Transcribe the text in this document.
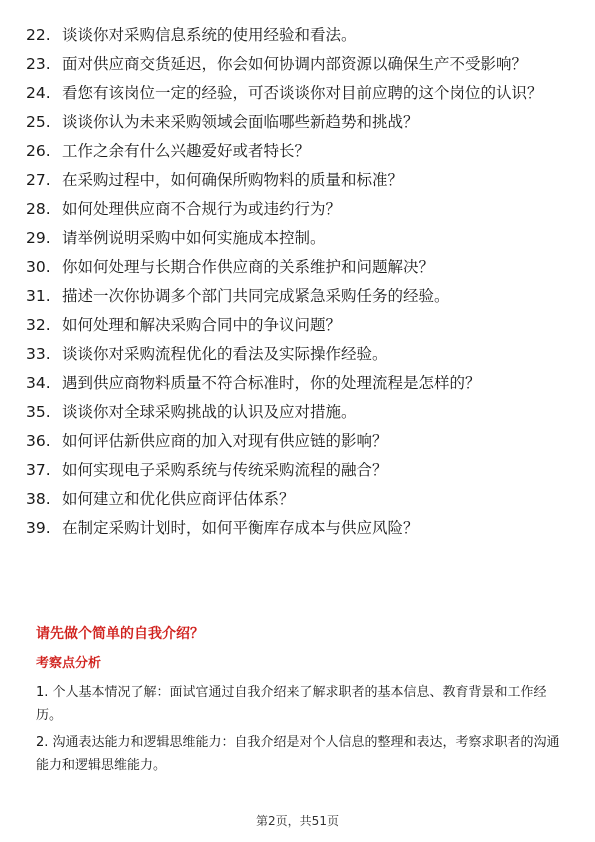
22. 谈谈你对采购信息系统的使用经验和看法。
23. 面对供应商交货延迟，你会如何协调内部资源以确保生产不受影响？
24. 看您有该岗位一定的经验，可否谈谈你对目前应聘的这个岗位的认识？
25. 谈谈你认为未来采购领域会面临哪些新趋势和挑战？
26. 工作之余有什么兴趣爱好或者特长？
27. 在采购过程中，如何确保所购物料的质量和标准？
28. 如何处理供应商不合规行为或违约行为？
29. 请举例说明采购中如何实施成本控制。
30. 你如何处理与长期合作供应商的关系维护和问题解决？
31. 描述一次你协调多个部门共同完成紧急采购任务的经验。
32. 如何处理和解决采购合同中的争议问题？
33. 谈谈你对采购流程优化的看法及实际操作经验。
34. 遇到供应商物料质量不符合标准时，你的处理流程是怎样的？
35. 谈谈你对全球采购挑战的认识及应对措施。
36. 如何评估新供应商的加入对现有供应链的影响？
37. 如何实现电子采购系统与传统采购流程的融合？
38. 如何建立和优化供应商评估体系？
39. 在制定采购计划时，如何平衡库存成本与供应风险？
请先做个简单的自我介绍？
考察点分析

1. 个人基本情况了解：面试官通过自我介绍来了解求职者的基本信息、教育背景和工作经历。

2. 沟通表达能力和逻辑思维能力：自我介绍是对个人信息的整理和表达，考察求职者的沟通能力和逻辑思维能力。

第2页，共51页
